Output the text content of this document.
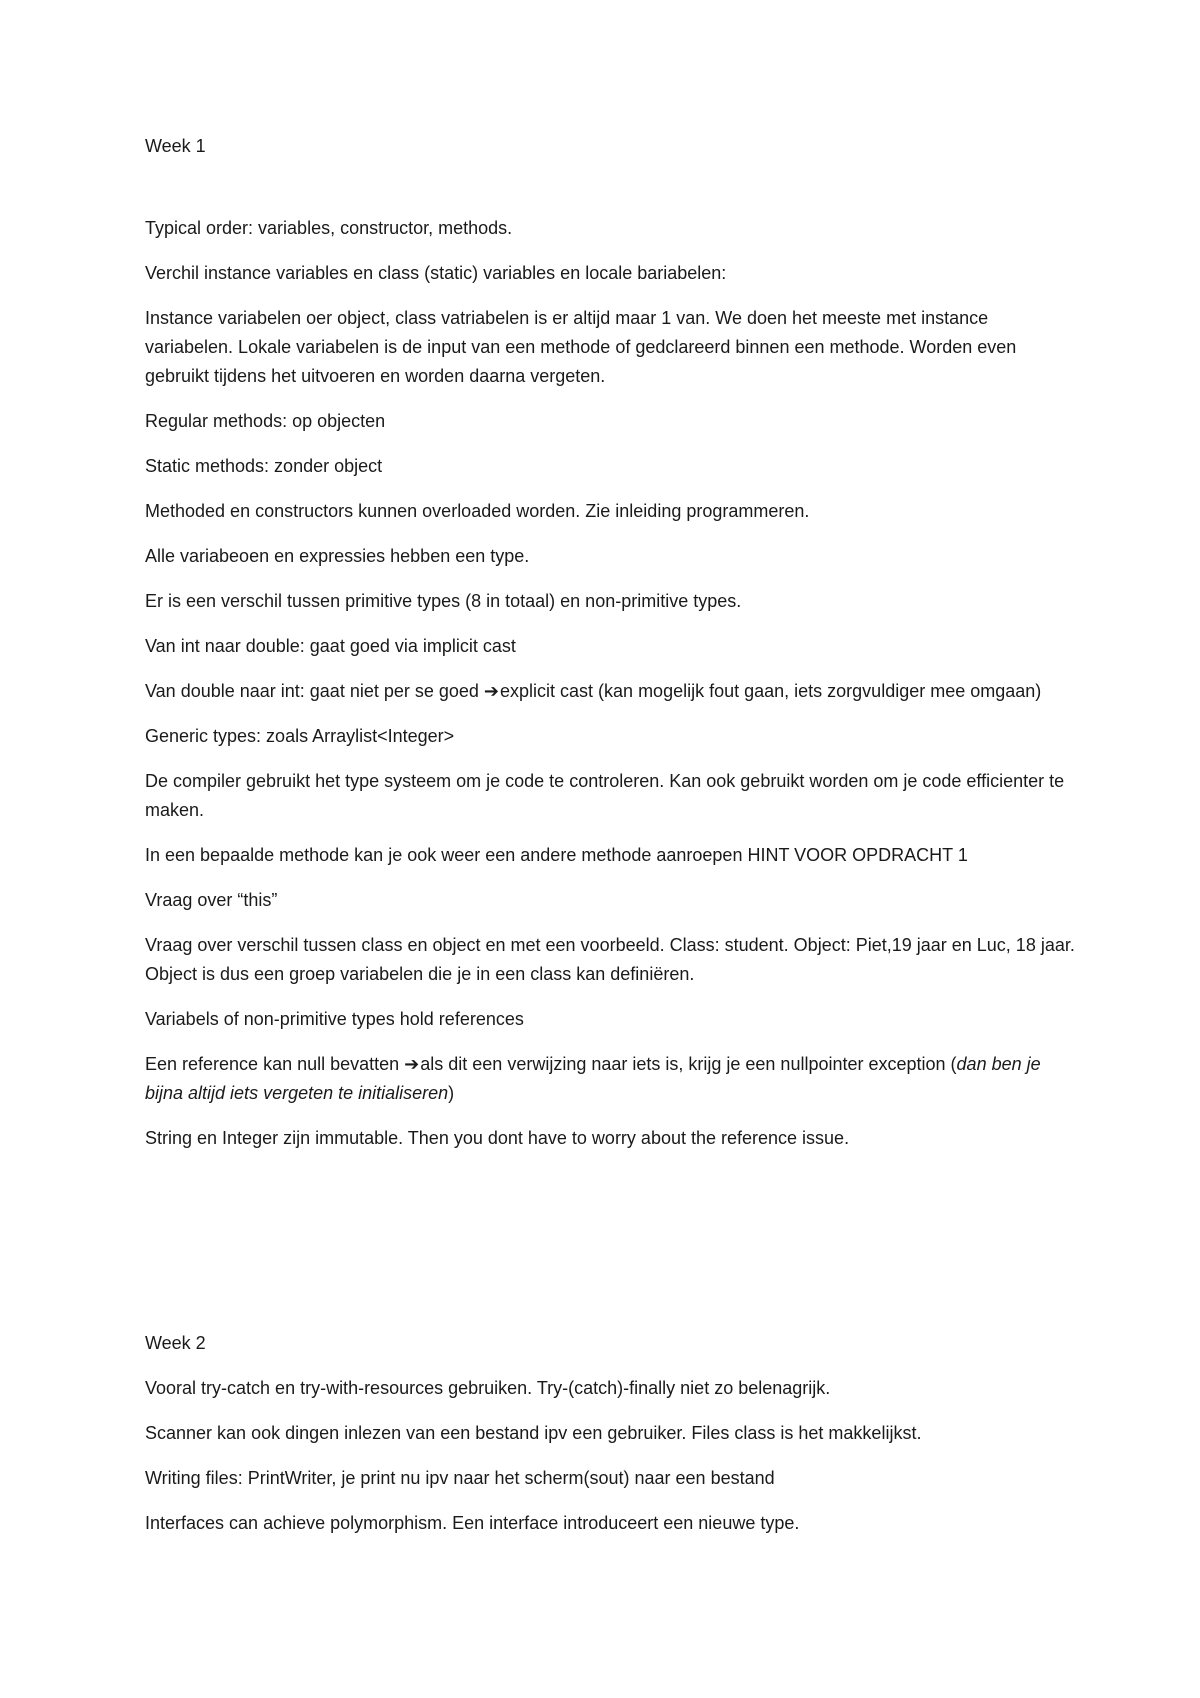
Week 1

Typical order: variables, constructor, methods.

Verchil instance variables en class (static) variables en locale bariabelen:

Instance variabelen oer object, class vatriabelen is er altijd maar 1 van. We doen het meeste met instance variabelen. Lokale variabelen is de input van een methode of gedclareerd binnen een methode. Worden even gebruikt tijdens het uitvoeren en worden daarna vergeten.

Regular methods: op objecten

Static methods: zonder object

Methoded en constructors kunnen overloaded worden. Zie inleiding programmeren.

Alle variabeoen en expressies hebben een type.

Er is een verschil tussen primitive types (8 in totaal) en non-primitive types.

Van int naar double: gaat goed via implicit cast

Van double naar int: gaat niet per se goed ➔explicit cast (kan mogelijk fout gaan, iets zorgvuldiger mee omgaan)

Generic types: zoals Arraylist<Integer>

De compiler gebruikt het type systeem om je code te controleren. Kan ook gebruikt worden om je code efficienter te maken.

In een bepaalde methode kan je ook weer een andere methode aanroepen HINT VOOR OPDRACHT 1

Vraag over “this”

Vraag over verschil tussen class en object en met een voorbeeld. Class: student. Object: Piet,19 jaar en Luc, 18 jaar. Object is dus een groep variabelen die je in een class kan definiëren.

Variabels of non-primitive types hold references

Een reference kan null bevatten ➔als dit een verwijzing naar iets is, krijg je een nullpointer exception (dan ben je bijna altijd iets vergeten te initialiseren)

String en Integer zijn immutable. Then you dont have to worry about the reference issue.

Week 2

Vooral try-catch en try-with-resources gebruiken. Try-(catch)-finally niet zo belenagrijk.

Scanner kan ook dingen inlezen van een bestand ipv een gebruiker. Files class is het makkelijkst.

Writing files: PrintWriter, je print nu ipv naar het scherm(sout) naar een bestand

Interfaces can achieve polymorphism. Een interface introduceert een nieuwe type.
